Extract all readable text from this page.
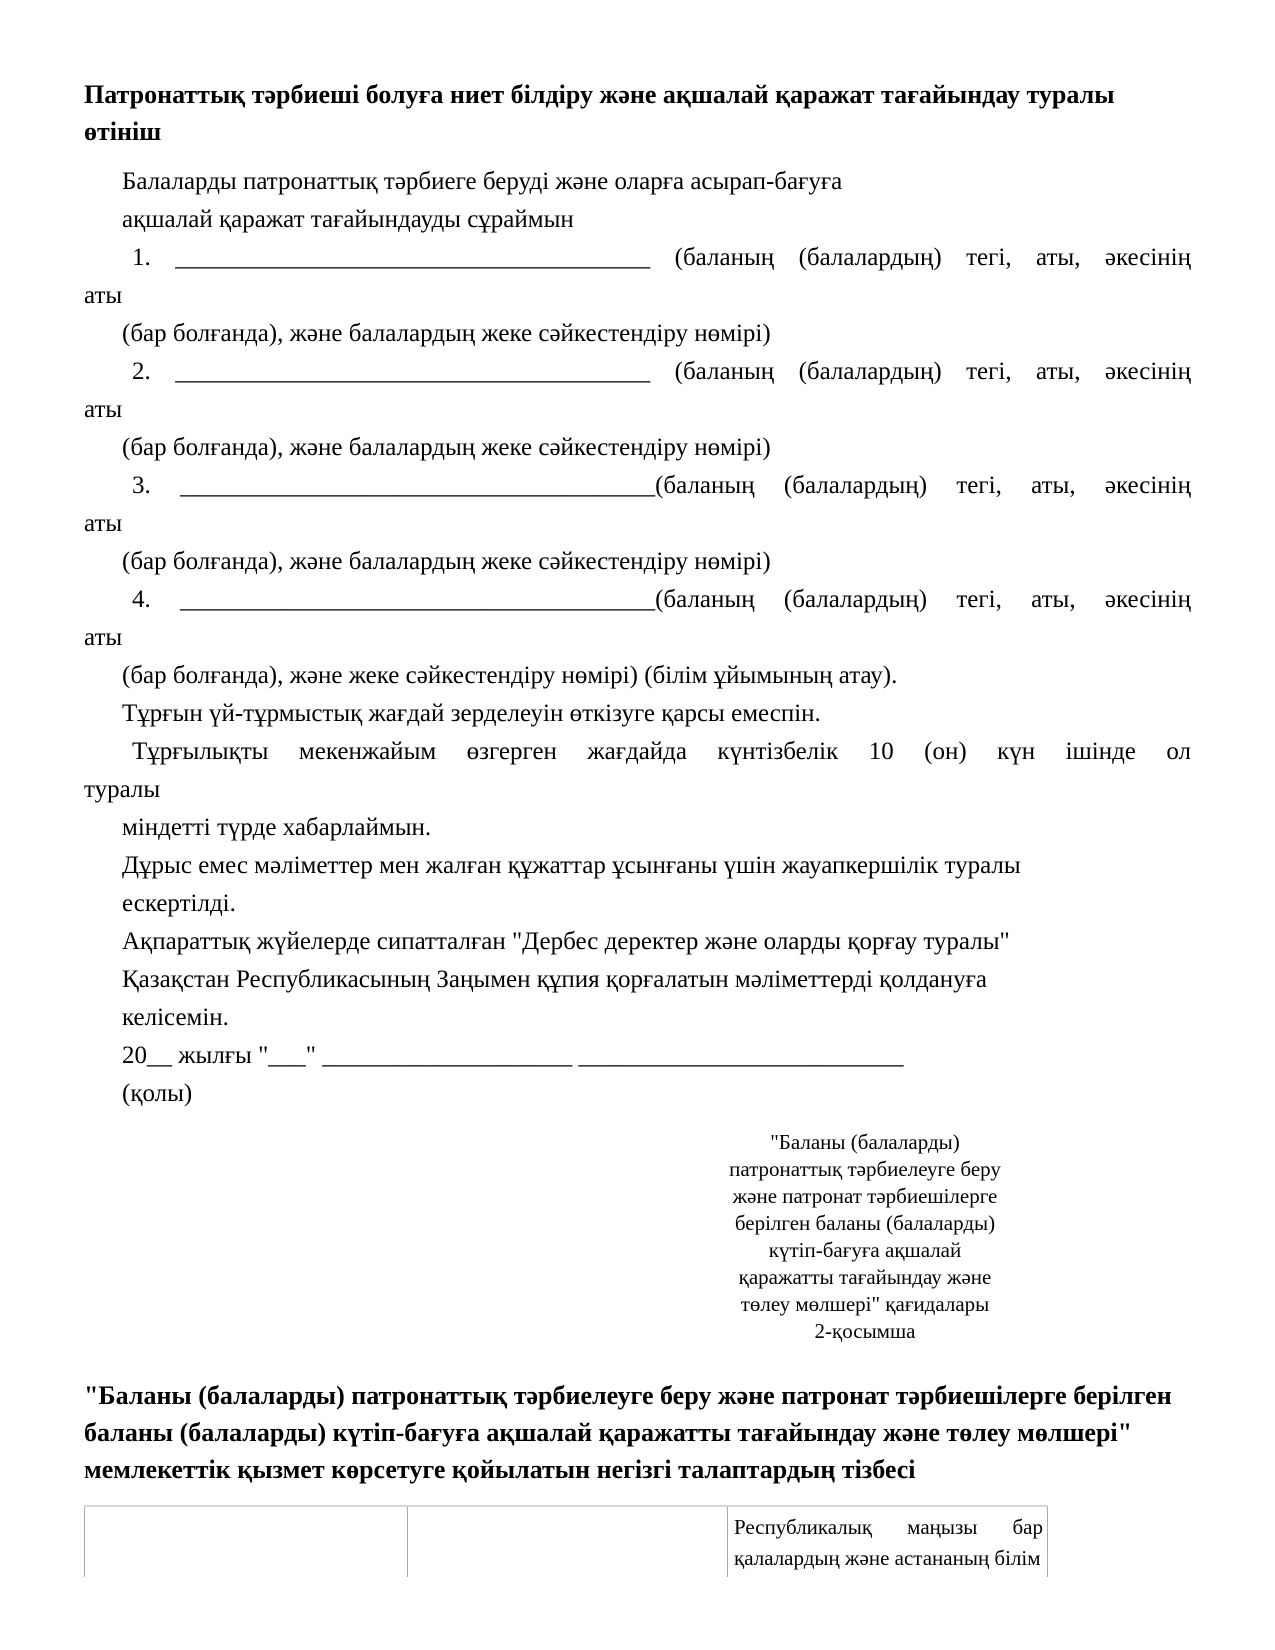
Патронаттық тәрбиеші болуға ниет білдіру және ақшалай қаражат тағайындау туралы
өтініш
Балаларды патронаттық тәрбиеге беруді және оларға асырап-бағуға
ақшалай қаражат тағайындауды сұраймын
1. ______________________________________ (баланың (балалардың) тегі, аты, әкесінің
аты
(бар болғанда), және балалардың жеке сәйкестендіру нөмірі)
2. ______________________________________ (баланың (балалардың) тегі, аты, әкесінің
аты
(бар болғанда), және балалардың жеке сәйкестендіру нөмірі)
3. ______________________________________(баланың (балалардың) тегі, аты, әкесінің
аты
(бар болғанда), және балалардың жеке сәйкестендіру нөмірі)
4. ______________________________________(баланың (балалардың) тегі, аты, әкесінің
аты
(бар болғанда), және жеке сәйкестендіру нөмірі) (білім ұйымының атау).
Тұрғын үй-тұрмыстық жағдай зерделеуін өткізуге қарсы емеспін.
Тұрғылықты мекенжайым өзгерген жағдайда күнтізбелік 10 (он) күн ішінде ол
туралы
міндетті түрде хабарлаймын.
Дұрыс емес мәліметтер мен жалған құжаттар ұсынғаны үшін жауапкершілік туралы
ескертілді.
Ақпараттық жүйелерде сипатталған "Дербес деректер және оларды қорғау туралы"
Қазақстан Республикасының Заңымен құпия қорғалатын мәліметтерді қолдануға
келісемін.
20__ жылғы "___" ____________________ __________________________
(қолы)
"Баланы (балаларды)
патронаттық тәрбиелеуге беру
және патронат тәрбиешілерге
берілген баланы (балаларды)
күтіп-бағуға ақшалай
қаражатты тағайындау және
төлеу мөлшері" қағидалары
2-қосымша
"Баланы (балаларды) патронаттық тәрбиелеуге беру және патронат тәрбиешілерге берілген
баланы (балаларды) күтіп-бағуға ақшалай қаражатты тағайындау және төлеу мөлшері"
мемлекеттік қызмет көрсетуге қойылатын негізгі талаптардың тізбесі
Республикалық маңызы бар қалалардың және астананың білім
